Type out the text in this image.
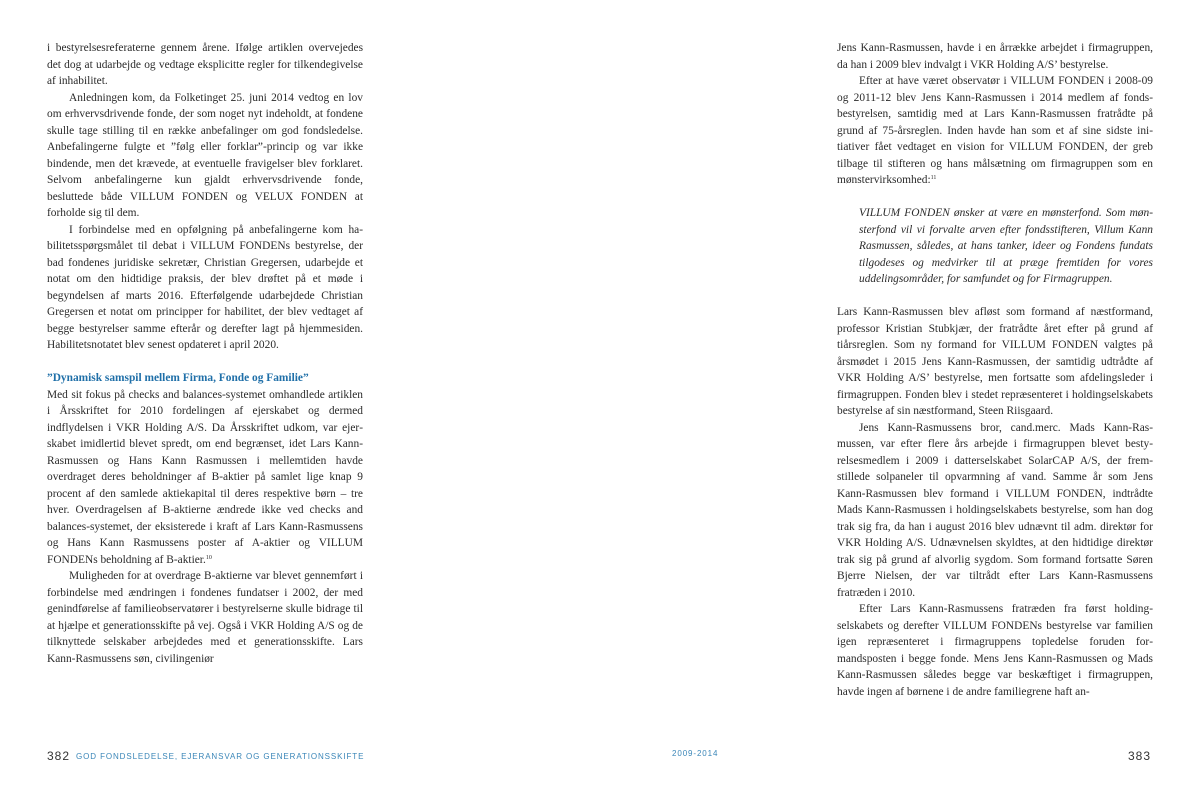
i bestyrelsesreferaterne gennem årene. Ifølge artiklen overvejedes det dog at udarbejde og vedtage eksplicitte regler for tilkendegivelse af inhabilitet.

Anledningen kom, da Folketinget 25. juni 2014 vedtog en lov om erhvervsdrivende fonde, der som noget nyt indeholdt, at fondene skulle tage stilling til en række anbefalinger om god fondsledelse. Anbefalingerne fulgte et ”følg eller forklar”-princip og var ikke bindende, men det krævede, at eventuelle fravigelser blev forklaret. Selvom anbefalingerne kun gjaldt erhvervsdrivende fonde, besluttede både VILLUM FONDEN og VELUX FONDEN at forholde sig til dem.

I forbindelse med en opfølgning på anbefalingerne kom habilitetsspørgsmålet til debat i VILLUM FONDENs bestyrelse, der bad fondenes juridiske sekretær, Christian Gregersen, udarbejde et notat om den hidtidige praksis, der blev drøftet på et møde i begyndelsen af marts 2016. Efterfølgende udarbejdede Christian Gregersen et notat om principper for habilitet, der blev vedtaget af begge bestyrelser samme efterår og derefter lagt på hjemmesiden. Habilitetsnotatet blev senest opdateret i april 2020.

”Dynamisk samspil mellem Firma, Fonde og Familie”

Med sit fokus på checks and balances-systemet omhandlede artiklen i Årsskriftet for 2010 fordelingen af ejerskabet og dermed indflydelsen i VKR Holding A/S. Da Årsskriftet udkom, var ejerskabet imidlertid blevet spredt, om end begrænset, idet Lars Kann-Rasmussen og Hans Kann Rasmussen i mellemtiden havde overdraget deres beholdninger af B-aktier på samlet lige knap 9 procent af den samlede aktiekapital til deres respektive børn – tre hver. Overdragelsen af B-aktierne ændrede ikke ved checks and balances-systemet, der eksisterede i kraft af Lars Kann-Rasmussens og Hans Kann Rasmussens poster af A-aktier og VILLUM FONDENs beholdning af B-aktier.$^{10}$

Muligheden for at overdrage B-aktierne var blevet gennemført i forbindelse med ændringen i fondenes fundatser i 2002, der med genindførelse af familieobservatører i bestyrelserne skulle bidrage til at hjælpe et generationsskifte på vej. Også i VKR Holding A/S og de tilknyttede selskaber arbejdedes med et generationsskifte. Lars Kann-Rasmussens søn, civilingeniør

Jens Kann-Rasmussen, havde i en årrække arbejdet i firmagruppen, da han i 2009 blev indvalgt i VKR Holding A/S’ bestyrelse.

Efter at have været observatør i VILLUM FONDEN i 2008-09 og 2011-12 blev Jens Kann-Rasmussen i 2014 medlem af fondsbestyrelsen, samtidig med at Lars Kann-Rasmussen fratrådte på grund af 75-årsreglen. Inden havde han som et af sine sidste initiativer fået vedtaget en vision for VILLUM FONDEN, der greb tilbage til stifteren og hans målsætning om firmagruppen som en mønstervirksomhed:$^{11}$

VILLUM FONDEN ønsker at være en mønsterfond. Som mønsterfond vil vi forvalte arven efter fondsstifteren, Villum Kann Rasmussen, således, at hans tanker, ideer og Fondens fundats tilgodeses og medvirker til at præge fremtiden for vores uddelingsområder, for samfundet og for Firmagruppen.

Lars Kann-Rasmussen blev afløst som formand af næstformand, professor Kristian Stubkjær, der fratrådte året efter på grund af tiårsreglen. Som ny formand for VILLUM FONDEN valgtes på årsmødet i 2015 Jens Kann-Rasmussen, der samtidig udtrådte af VKR Holding A/S’ bestyrelse, men fortsatte som afdelingsleder i firmagruppen. Fonden blev i stedet repræsenteret i holdingselskabets bestyrelse af sin næstformand, Steen Riisgaard.

Jens Kann-Rasmussens bror, cand.merc. Mads Kann-Rasmussen, var efter flere års arbejde i firmagruppen blevet bestyrelsesmedlem i 2009 i datterselskabet SolarCAP A/S, der fremstillede solpaneler til opvarmning af vand. Samme år som Jens Kann-Rasmussen blev formand i VILLUM FONDEN, indtrådte Mads Kann-Rasmussen i holdingselskabets bestyrelse, som han dog trak sig fra, da han i august 2016 blev udnævnt til adm. direktør for VKR Holding A/S. Udnævnelsen skyldtes, at den hidtidige direktør trak sig på grund af alvorlig sygdom. Som formand fortsatte Søren Bjerre Nielsen, der var tiltrådt efter Lars Kann-Rasmussens fratræden i 2010.

Efter Lars Kann-Rasmussens fratræden fra først holdingselskabets og derefter VILLUM FONDENs bestyrelse var familien igen repræsenteret i firmagruppens topledelse foruden formandsposten i begge fonde. Mens Jens Kann-Rasmussen og Mads Kann-Rasmussen således begge var beskæftiget i firmagruppen, havde ingen af børnene i de andre familiegrene haft an-

382 GOD FONDSLEDELSE, EJERANSVAR OG GENERATIONSSKIFTE	2009-2014	383
